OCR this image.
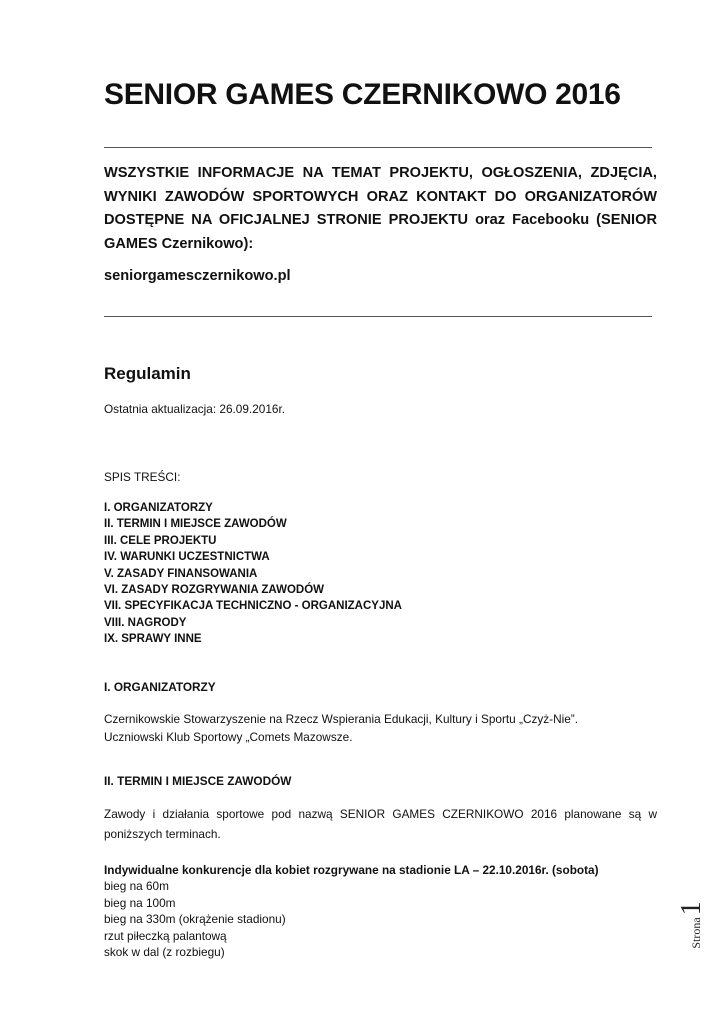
SENIOR GAMES CZERNIKOWO 2016
WSZYSTKIE INFORMACJE NA TEMAT PROJEKTU, OGŁOSZENIA, ZDJĘCIA, WYNIKI ZAWODÓW SPORTOWYCH ORAZ KONTAKT DO ORGANIZATORÓW DOSTĘPNE NA OFICJALNEJ STRONIE PROJEKTU oraz Facebooku (SENIOR GAMES Czernikowo):
seniorgamesczernikowo.pl
Regulamin
Ostatnia aktualizacja: 26.09.2016r.
SPIS TREŚCI:
I. ORGANIZATORZY
II. TERMIN I MIEJSCE ZAWODÓW
III. CELE PROJEKTU
IV. WARUNKI UCZESTNICTWA
V. ZASADY FINANSOWANIA
VI. ZASADY ROZGRYWANIA ZAWODÓW
VII. SPECYFIKACJA TECHNICZNO - ORGANIZACYJNA
VIII. NAGRODY
IX. SPRAWY INNE
I. ORGANIZATORZY
Czernikowskie Stowarzyszenie na Rzecz Wspierania Edukacji, Kultury i Sportu „Czyż-Nie”.
Uczniowski Klub Sportowy „Comets Mazowsze.
II. TERMIN I MIEJSCE ZAWODÓW
Zawody i działania sportowe pod nazwą SENIOR GAMES CZERNIKOWO 2016 planowane są w poniższych terminach.
Indywidualne konkurencje dla kobiet rozgrywane na stadionie LA – 22.10.2016r. (sobota)
bieg na 60m
bieg na 100m
bieg na 330m (okrążenie stadionu)
rzut piłeczką palantową
skok w dal (z rozbiegu)
Strona1
